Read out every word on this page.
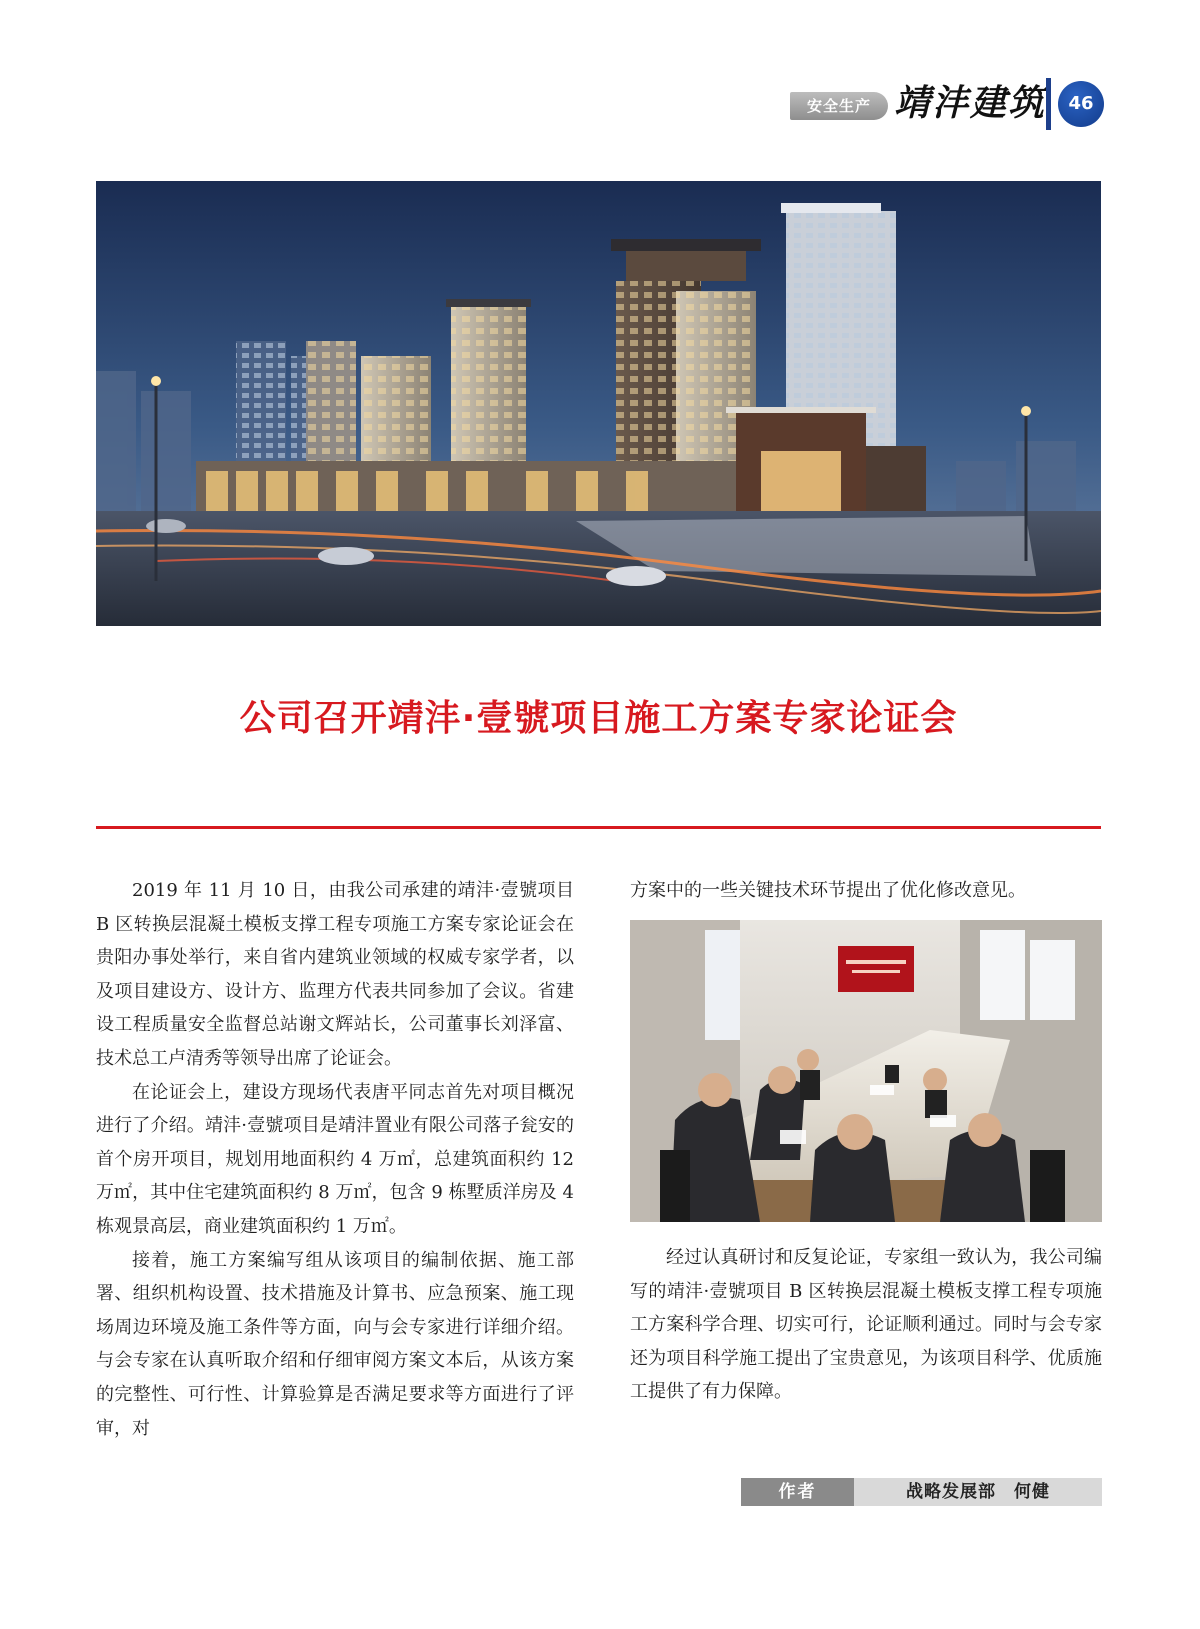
安全生产 靖沣建筑	46
公司召开靖沣·壹號项目施工方案专家论证会

2019 年 11 月 10 日，由我公司承建的靖沣·壹號项目 B 区转换层混凝土模板支撑工程专项施工方案专家论证会在贵阳办事处举行，来自省内建筑业领域的权威专家学者，以及项目建设方、设计方、监理方代表共同参加了会议。省建设工程质量安全监督总站谢文辉站长，公司董事长刘泽富、技术总工卢清秀等领导出席了论证会。

在论证会上，建设方现场代表唐平同志首先对项目概况进行了介绍。靖沣·壹號项目是靖沣置业有限公司落子瓮安的首个房开项目，规划用地面积约 4 万㎡，总建筑面积约 12 万㎡，其中住宅建筑面积约 8 万㎡，包含 9 栋墅质洋房及 4 栋观景高层，商业建筑面积约 1 万㎡。

接着，施工方案编写组从该项目的编制依据、施工部署、组织机构设置、技术措施及计算书、应急预案、施工现场周边环境及施工条件等方面，向与会专家进行详细介绍。与会专家在认真听取介绍和仔细审阅方案文本后，从该方案的完整性、可行性、计算验算是否满足要求等方面进行了评审，对

方案中的一些关键技术环节提出了优化修改意见。

经过认真研讨和反复论证，专家组一致认为，我公司编写的靖沣·壹號项目 B 区转换层混凝土模板支撑工程专项施工方案科学合理、切实可行，论证顺利通过。同时与会专家还为项目科学施工提出了宝贵意见，为该项目科学、优质施工提供了有力保障。

作者	战略发展部　何健
